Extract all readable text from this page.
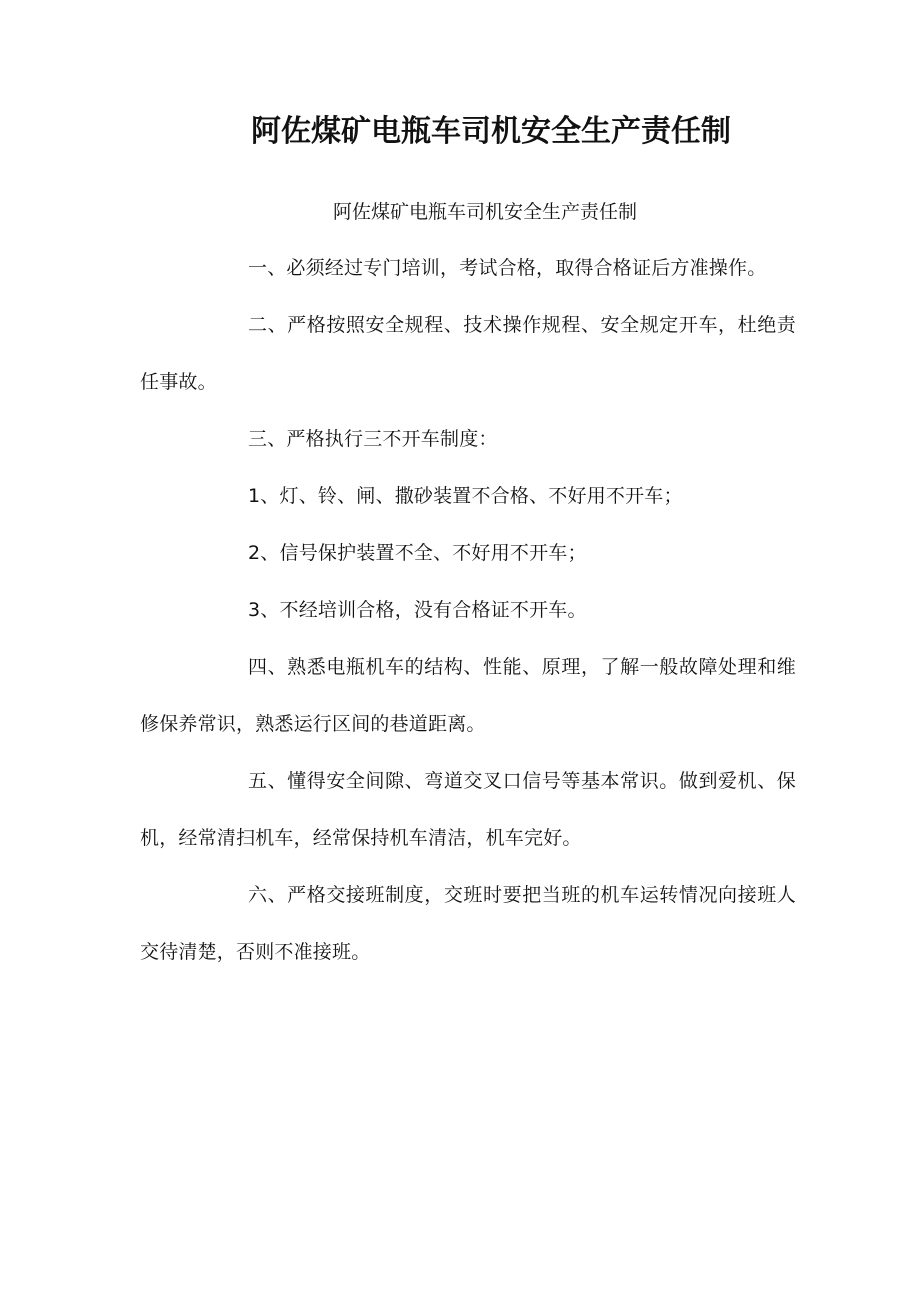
阿佐煤矿电瓶车司机安全生产责任制

阿佐煤矿电瓶车司机安全生产责任制

一、必须经过专门培训，考试合格，取得合格证后方准操作。

二、严格按照安全规程、技术操作规程、安全规定开车，杜绝责任事故。

三、严格执行三不开车制度：

1、灯、铃、闸、撒砂装置不合格、不好用不开车；

2、信号保护装置不全、不好用不开车；

3、不经培训合格，没有合格证不开车。

四、熟悉电瓶机车的结构、性能、原理，了解一般故障处理和维修保养常识，熟悉运行区间的巷道距离。

五、懂得安全间隙、弯道交叉口信号等基本常识。做到爱机、保机，经常清扫机车，经常保持机车清洁，机车完好。

六、严格交接班制度，交班时要把当班的机车运转情况向接班人交待清楚，否则不准接班。
